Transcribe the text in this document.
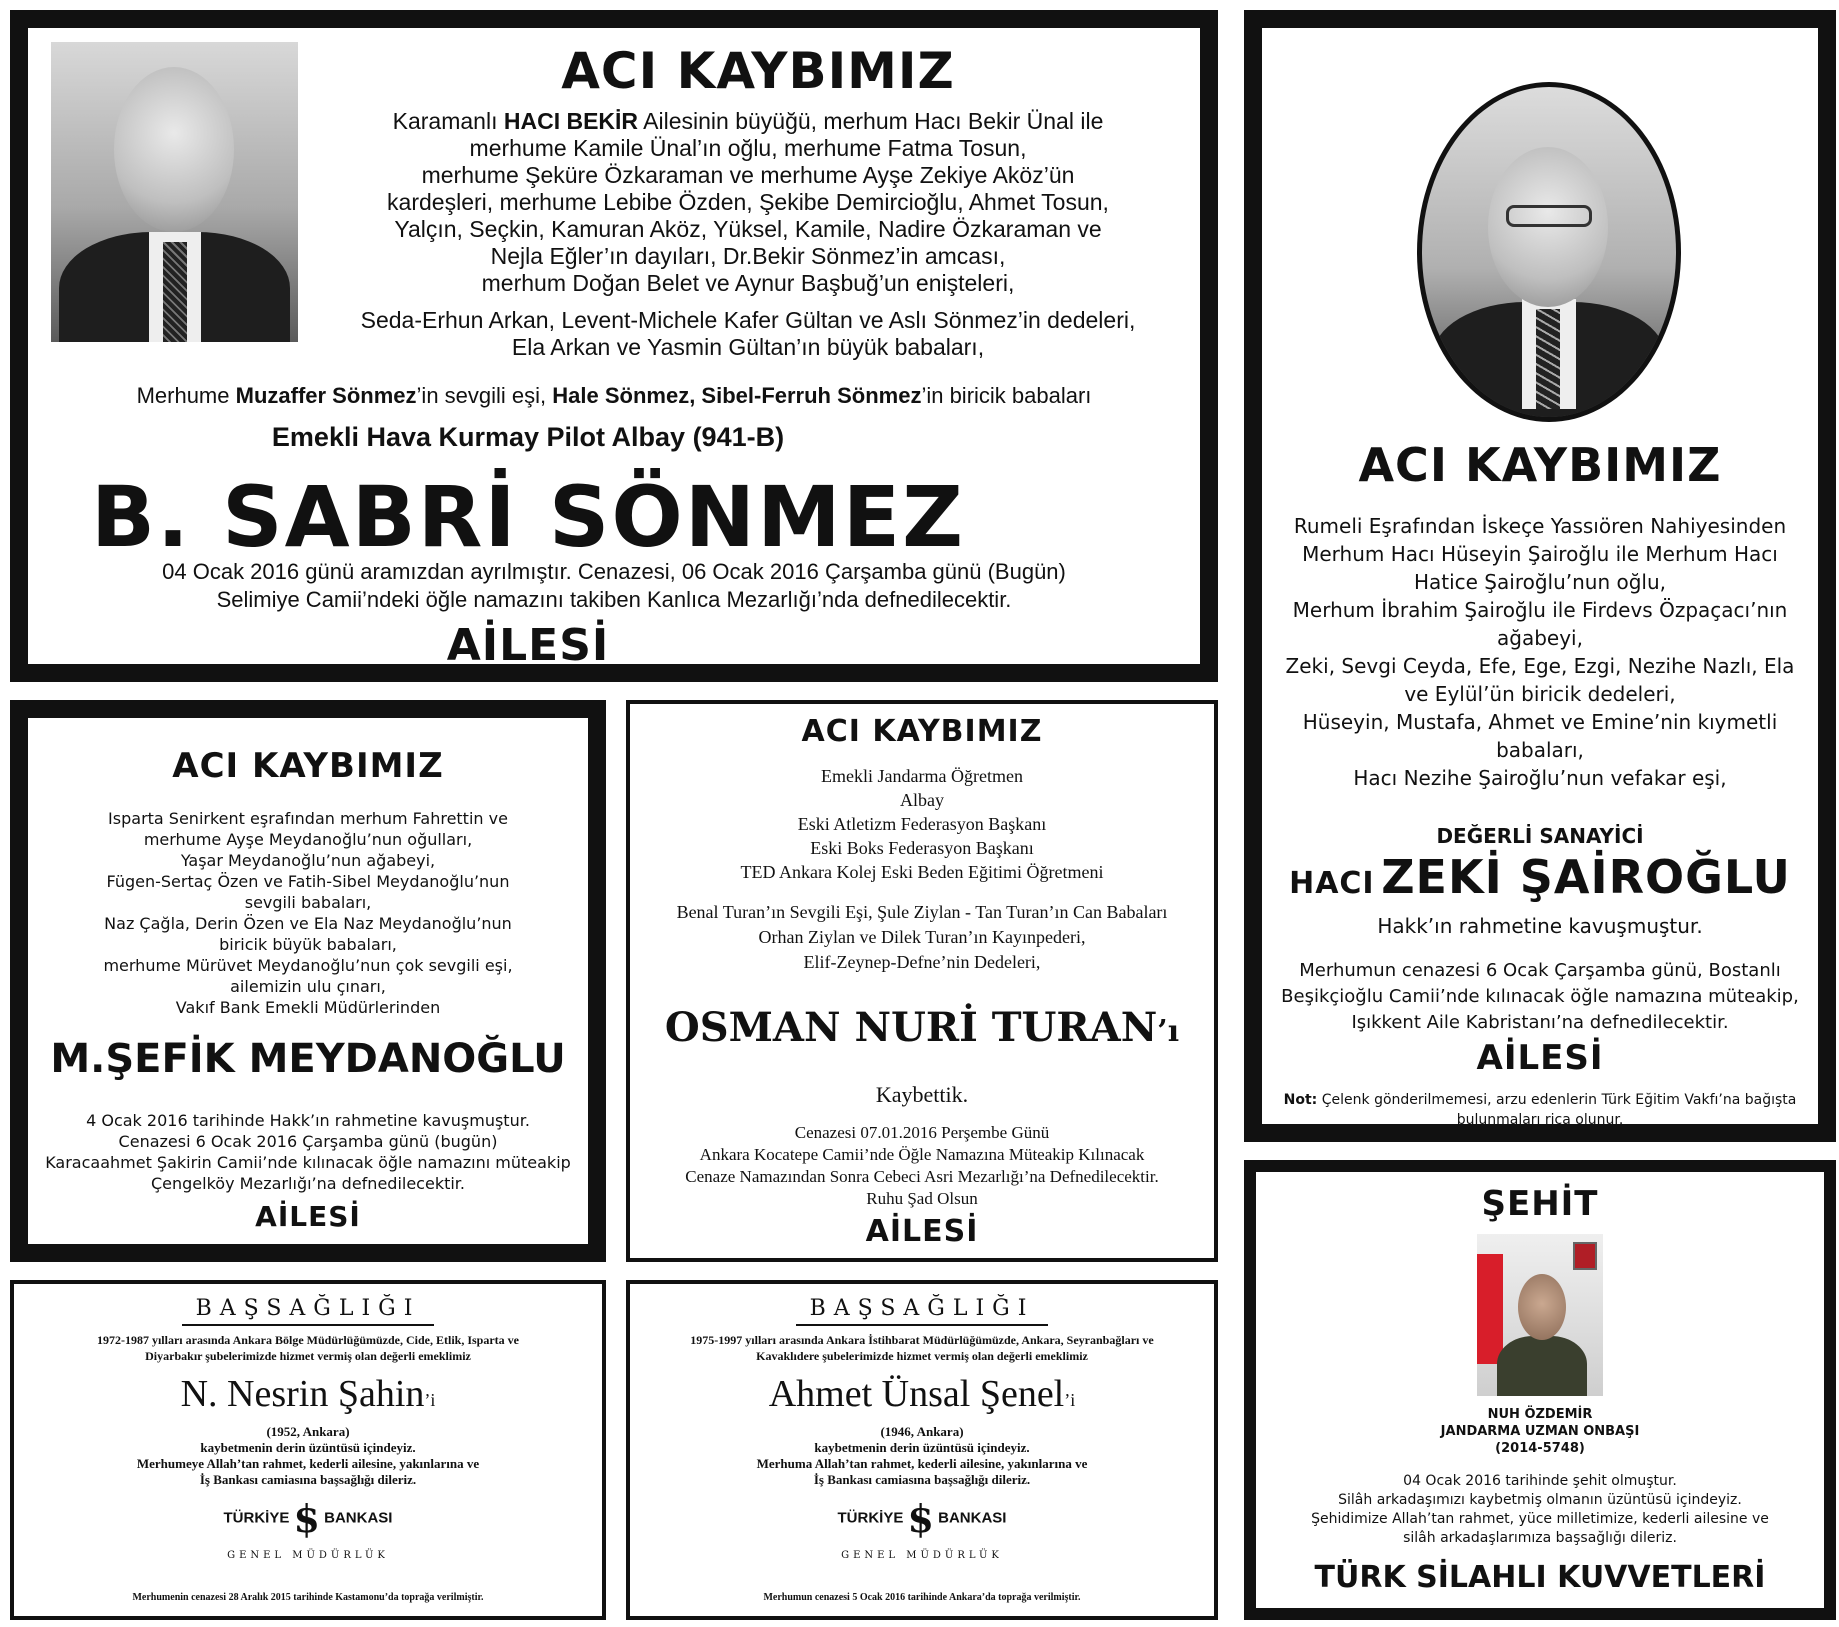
ACI KAYBIMIZ
Karamanlı HACI BEKİR Ailesinin büyüğü, merhum Hacı Bekir Ünal ile
merhume Kamile Ünal’ın oğlu, merhume Fatma Tosun,
merhume Şeküre Özkaraman ve merhume Ayşe Zekiye Aköz’ün
kardeşleri, merhume Lebibe Özden, Şekibe Demircioğlu, Ahmet Tosun,
Yalçın, Seçkin, Kamuran Aköz, Yüksel, Kamile, Nadire Özkaraman ve
Nejla Eğler’ın dayıları, Dr.Bekir Sönmez’in amcası,
merhum Doğan Belet ve Aynur Başbuğ’un enişteleri,
Seda-Erhun Arkan, Levent-Michele Kafer Gültan ve Aslı Sönmez’in dedeleri,
Ela Arkan ve Yasmin Gültan’ın büyük babaları,
Merhume Muzaffer Sönmez’in sevgili eşi, Hale Sönmez, Sibel-Ferruh Sönmez’in biricik babaları
Emekli Hava Kurmay Pilot Albay (941-B)
B. SABRİ SÖNMEZ
04 Ocak 2016 günü aramızdan ayrılmıştır. Cenazesi, 06 Ocak 2016 Çarşamba günü (Bugün)
Selimiye Camii’ndeki öğle namazını takiben Kanlıca Mezarlığı’nda defnedilecektir.
AİLESİ
ACI KAYBIMIZ
Rumeli Eşrafından İskeçe Yassıören Nahiyesinden
Merhum Hacı Hüseyin Şairoğlu ile Merhum Hacı
Hatice Şairoğlu’nun oğlu,
Merhum İbrahim Şairoğlu ile Firdevs Özpaçacı’nın
ağabeyi,
Zeki, Sevgi Ceyda, Efe, Ege, Ezgi, Nezihe Nazlı, Ela
ve Eylül’ün biricik dedeleri,
Hüseyin, Mustafa, Ahmet ve Emine’nin kıymetli
babaları,
Hacı Nezihe Şairoğlu’nun vefakar eşi,
DEĞERLİ SANAYİCİ
HACI ZEKİ ŞAİROĞLU
Hakk’ın rahmetine kavuşmuştur.
Merhumun cenazesi 6 Ocak Çarşamba günü, Bostanlı
Beşikçioğlu Camii’nde kılınacak öğle namazına müteakip,
Işıkkent Aile Kabristanı’na defnedilecektir.
AİLESİ
Not: Çelenk gönderilmemesi, arzu edenlerin Türk Eğitim Vakfı’na bağışta
bulunmaları rica olunur.
ACI KAYBIMIZ
Isparta Senirkent eşrafından merhum Fahrettin ve
merhume Ayşe Meydanoğlu’nun oğulları,
Yaşar Meydanoğlu’nun ağabeyi,
Fügen-Sertaç Özen ve Fatih-Sibel Meydanoğlu’nun
sevgili babaları,
Naz Çağla, Derin Özen ve Ela Naz Meydanoğlu’nun
biricik büyük babaları,
merhume Mürüvet Meydanoğlu’nun çok sevgili eşi,
ailemizin ulu çınarı,
Vakıf Bank Emekli Müdürlerinden
M.ŞEFİK MEYDANOĞLU
4 Ocak 2016 tarihinde Hakk’ın rahmetine kavuşmuştur.
Cenazesi 6 Ocak 2016 Çarşamba günü (bugün)
Karacaahmet Şakirin Camii’nde kılınacak öğle namazını müteakip
Çengelköy Mezarlığı’na defnedilecektir.
AİLESİ
ACI KAYBIMIZ
Emekli Jandarma Öğretmen
Albay
Eski Atletizm Federasyon Başkanı
Eski Boks Federasyon Başkanı
TED Ankara Kolej Eski Beden Eğitimi Öğretmeni
Benal Turan’ın Sevgili Eşi, Şule Ziylan - Tan Turan’ın Can Babaları
Orhan Ziylan ve Dilek Turan’ın Kayınpederi,
Elif-Zeynep-Defne’nin Dedeleri,
OSMAN NURİ TURAN’ı
Kaybettik.
Cenazesi 07.01.2016 Perşembe Günü
Ankara Kocatepe Camii’nde Öğle Namazına Müteakip Kılınacak
Cenaze Namazından Sonra Cebeci Asri Mezarlığı’na Defnedilecektir.
Ruhu Şad Olsun
AİLESİ
BAŞSAĞLIĞI
1972-1987 yılları arasında Ankara Bölge Müdürlüğümüzde, Cide, Etlik, Isparta ve
Diyarbakır şubelerimizde hizmet vermiş olan değerli emeklimiz
N. Nesrin Şahin’i
(1952, Ankara)
kaybetmenin derin üzüntüsü içindeyiz.
Merhumeye Allah’tan rahmet, kederli ailesine, yakınlarına ve
İş Bankası camiasına başsağlığı dileriz.
TÜRKİYE $ BANKASI
GENEL MÜDÜRLÜK
Merhumenin cenazesi 28 Aralık 2015 tarihinde Kastamonu’da toprağa verilmiştir.
BAŞSAĞLIĞI
1975-1997 yılları arasında Ankara İstihbarat Müdürlüğümüzde, Ankara, Seyranbağları ve
Kavaklıdere şubelerimizde hizmet vermiş olan değerli emeklimiz
Ahmet Ünsal Şenel’i
(1946, Ankara)
kaybetmenin derin üzüntüsü içindeyiz.
Merhuma Allah’tan rahmet, kederli ailesine, yakınlarına ve
İş Bankası camiasına başsağlığı dileriz.
TÜRKİYE $ BANKASI
GENEL MÜDÜRLÜK
Merhumun cenazesi 5 Ocak 2016 tarihinde Ankara’da toprağa verilmiştir.
ŞEHİT
NUH ÖZDEMİR
JANDARMA UZMAN ONBAŞI
(2014-5748)
04 Ocak 2016 tarihinde şehit olmuştur.
Silâh arkadaşımızı kaybetmiş olmanın üzüntüsü içindeyiz.
Şehidimize Allah’tan rahmet, yüce milletimize, kederli ailesine ve
silâh arkadaşlarımıza başsağlığı dileriz.
TÜRK SİLAHLI KUVVETLERİ
